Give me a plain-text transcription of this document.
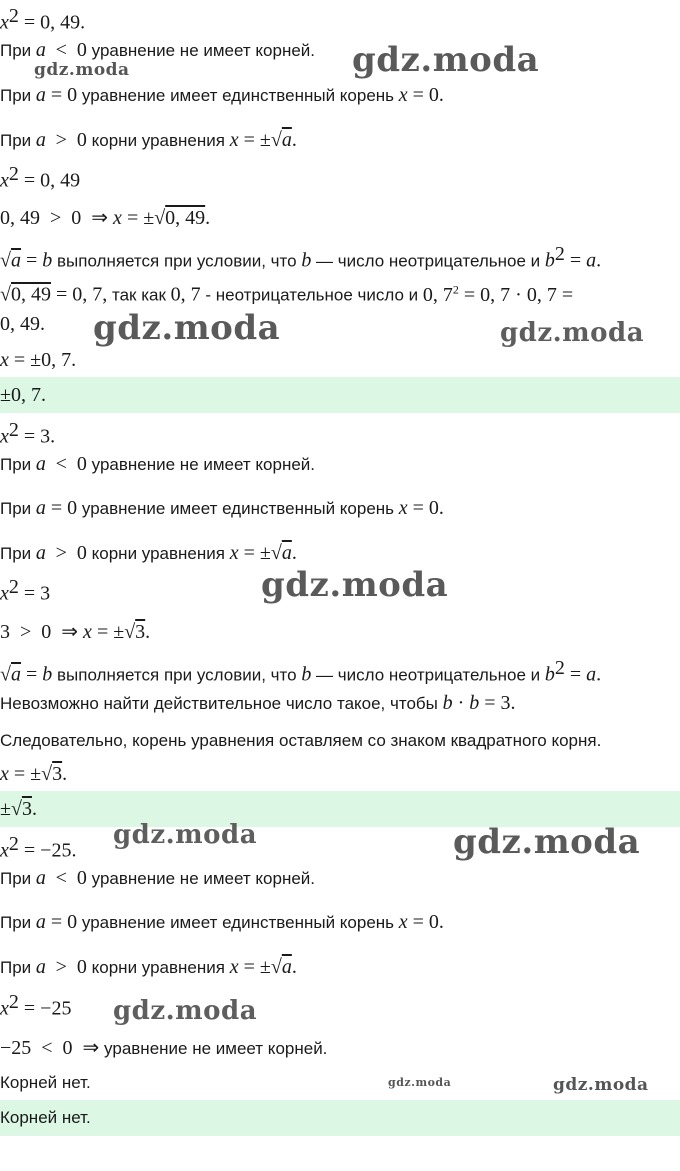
$x^2 = 0$, 49.
При a  <  0 уравнение не имеет корней.
При a = 0 уравнение имеет единственный корень x = 0.
При a  >  0 корни уравнения x = ±√a.
$x^2 = 0$, 49
0, 49  >  0  ⇒ x = ±√0, 49.
√a = b выполняется при условии, что b — число неотрицательное и $b^2 = a$.
√0, 49 = 0, 7, так как 0, 7 - неотрицательное число и 0, $7^2 = 0$, 7 · 0, 7 =
0, 49.
x = ±0, 7.
±0, 7.
$x^2 = 3$.
При a  <  0 уравнение не имеет корней.
При a = 0 уравнение имеет единственный корень x = 0.
При a  >  0 корни уравнения x = ±√a.
$x^2 = 3$
3  >  0  ⇒ x = ±√3.
√a = b выполняется при условии, что b — число неотрицательное и $b^2 = a$.
Невозможно найти действительное число такое, чтобы b · b = 3.
Следовательно, корень уравнения оставляем со знаком квадратного корня.
x = ±√3.
±√3.
$x^2 = -25$.
При a  <  0 уравнение не имеет корней.
При a = 0 уравнение имеет единственный корень x = 0.
При a  >  0 корни уравнения x = ±√a.
$x^2 = -25$
−25  <  0  ⇒ уравнение не имеет корней.
Корней нет.
Корней нет.
gdz.moda
gdz.moda
gdz.moda	gdz.moda
gdz.moda
gdz.moda	gdz.moda
gdz.moda
gdz.moda	gdz.moda
